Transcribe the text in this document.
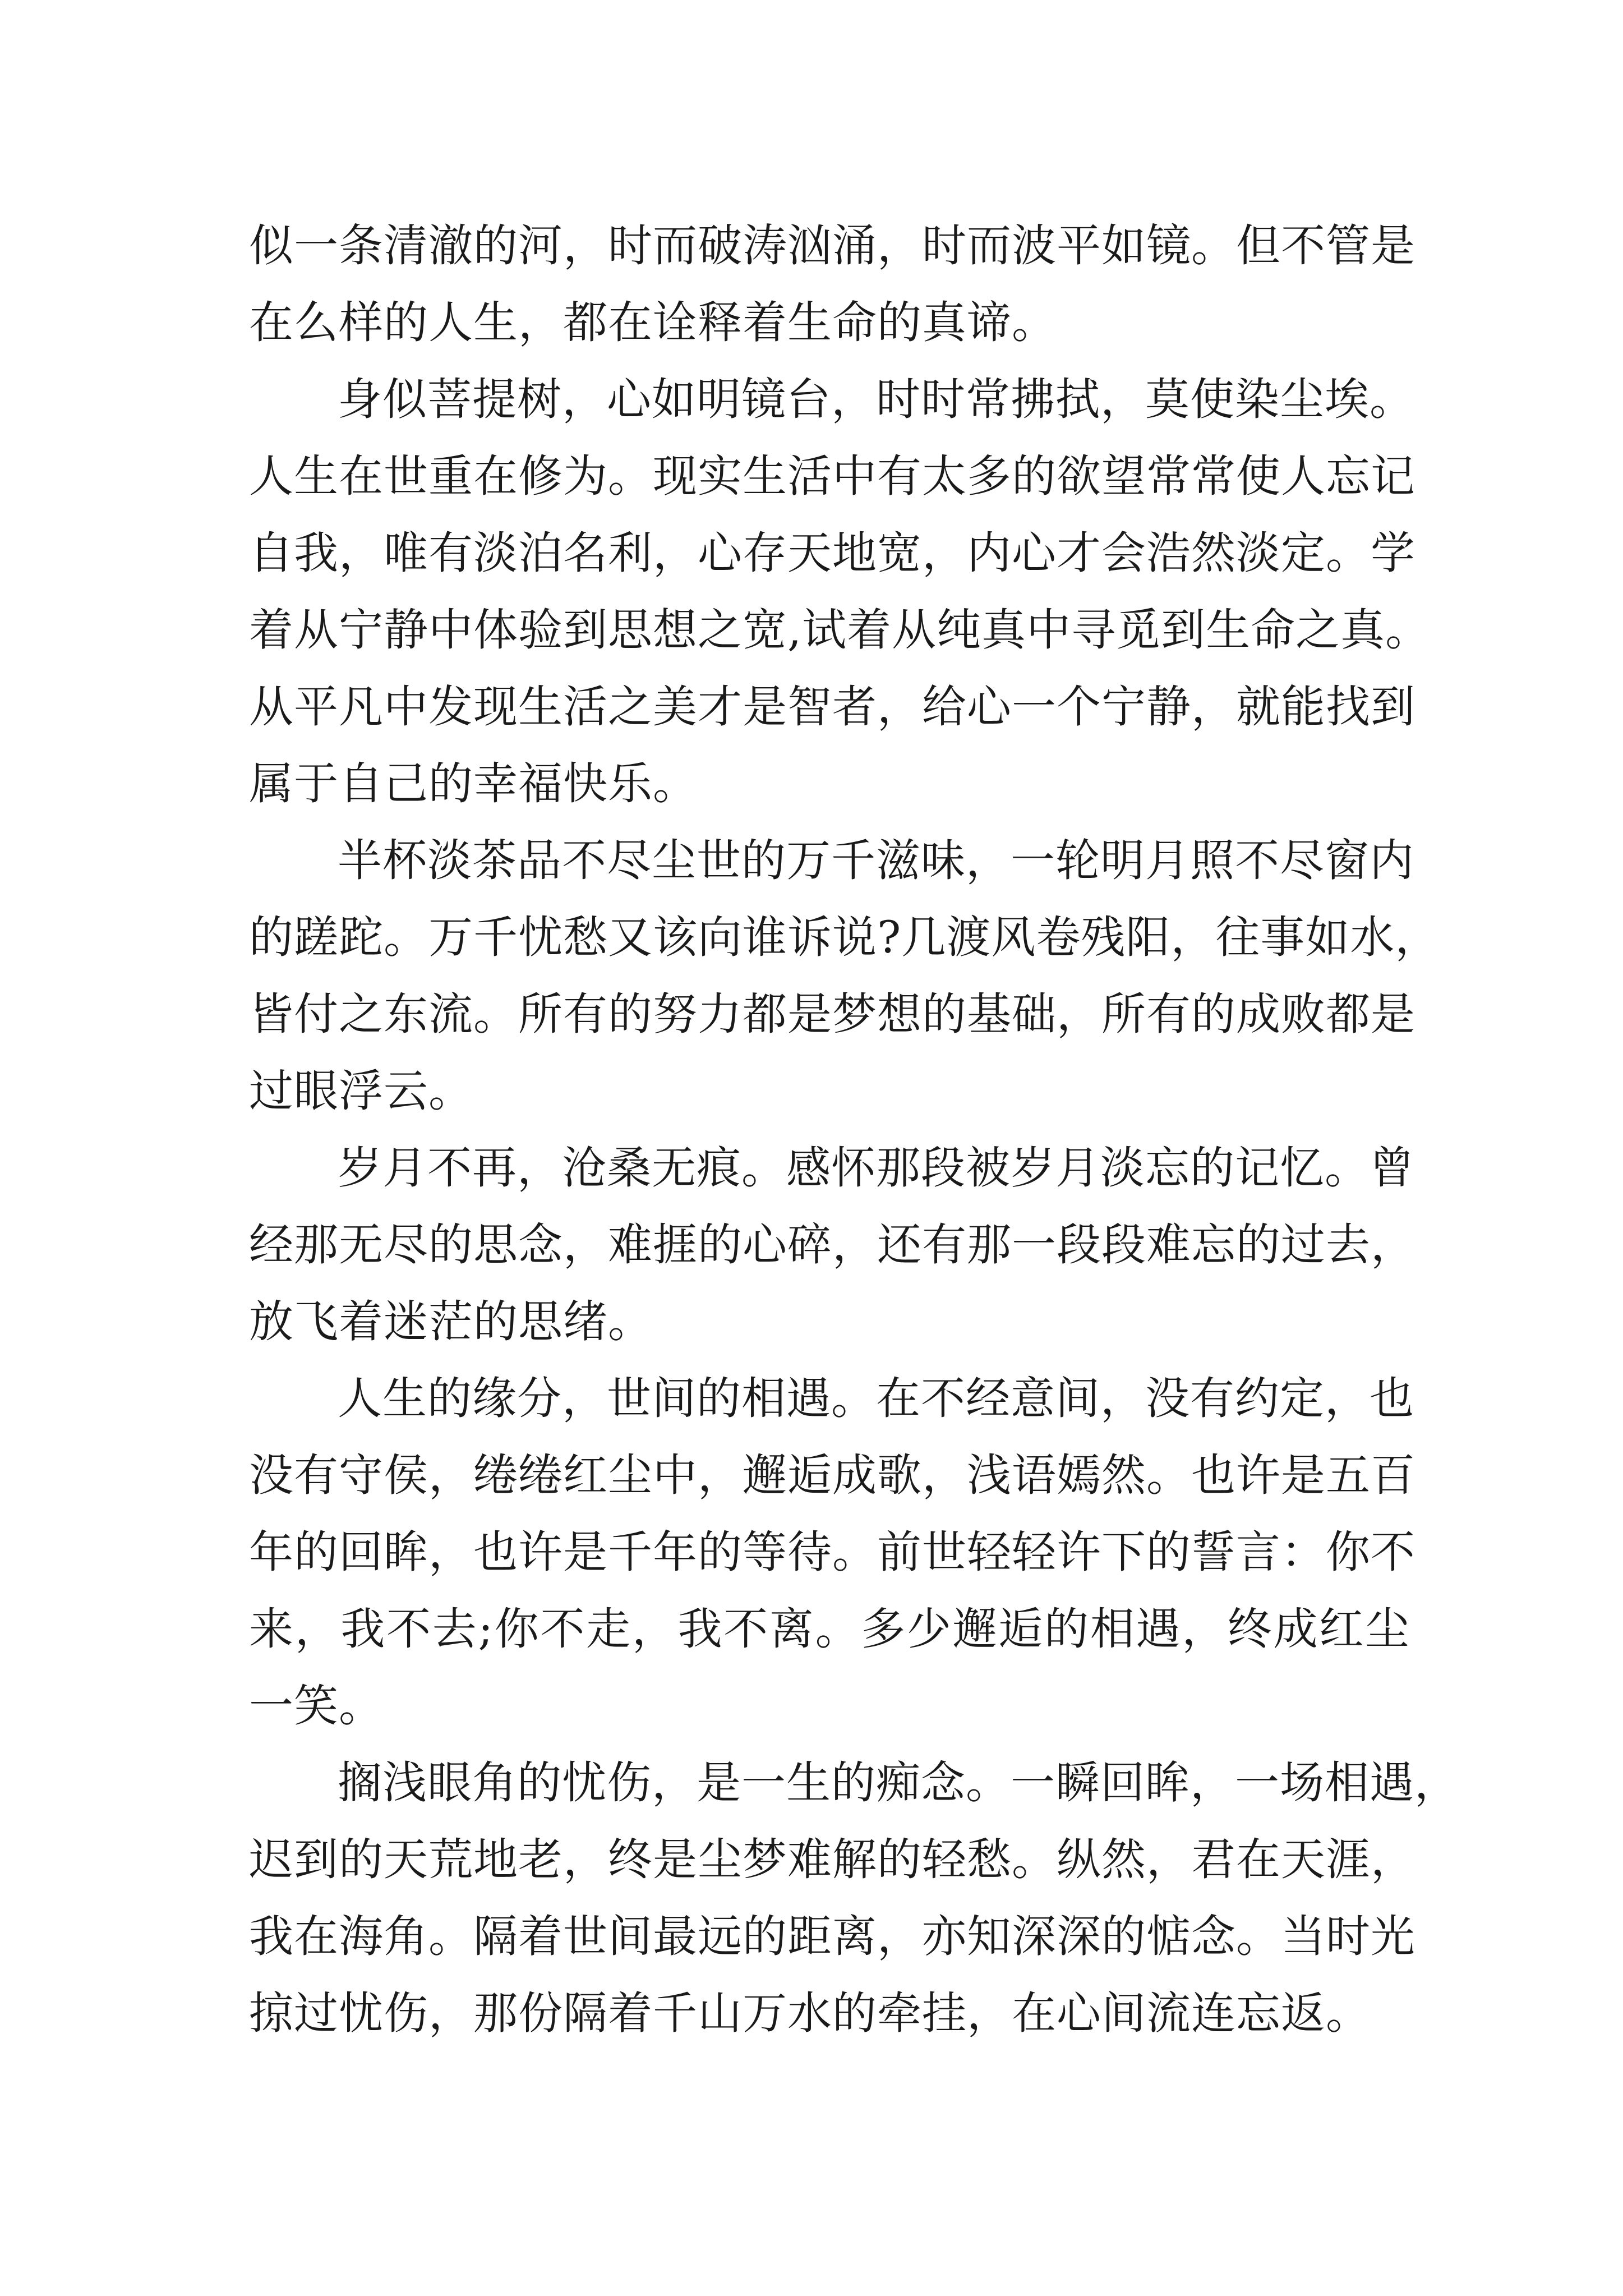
似一条清澈的河，时而破涛汹涌，时而波平如镜。但不管是
在么样的人生，都在诠释着生命的真谛。
身似菩提树，心如明镜台，时时常拂拭，莫使染尘埃。
人生在世重在修为。现实生活中有太多的欲望常常使人忘记
自我，唯有淡泊名利，心存天地宽，内心才会浩然淡定。学
着从宁静中体验到思想之宽,试着从纯真中寻觅到生命之真。
从平凡中发现生活之美才是智者，给心一个宁静，就能找到
属于自己的幸福快乐。
半杯淡茶品不尽尘世的万千滋味，一轮明月照不尽窗内
的蹉跎。万千忧愁又该向谁诉说?几渡风卷残阳，往事如水，
皆付之东流。所有的努力都是梦想的基础，所有的成败都是
过眼浮云。
岁月不再，沧桑无痕。感怀那段被岁月淡忘的记忆。曾
经那无尽的思念，难捱的心碎，还有那一段段难忘的过去，
放飞着迷茫的思绪。
人生的缘分，世间的相遇。在不经意间，没有约定，也
没有守侯，绻绻红尘中，邂逅成歌，浅语嫣然。也许是五百
年的回眸，也许是千年的等待。前世轻轻许下的誓言：你不
来，我不去;你不走，我不离。多少邂逅的相遇，终成红尘
一笑。
搁浅眼角的忧伤，是一生的痴念。一瞬回眸，一场相遇，
迟到的天荒地老，终是尘梦难解的轻愁。纵然，君在天涯，
我在海角。隔着世间最远的距离，亦知深深的惦念。当时光
掠过忧伤，那份隔着千山万水的牵挂，在心间流连忘返。
